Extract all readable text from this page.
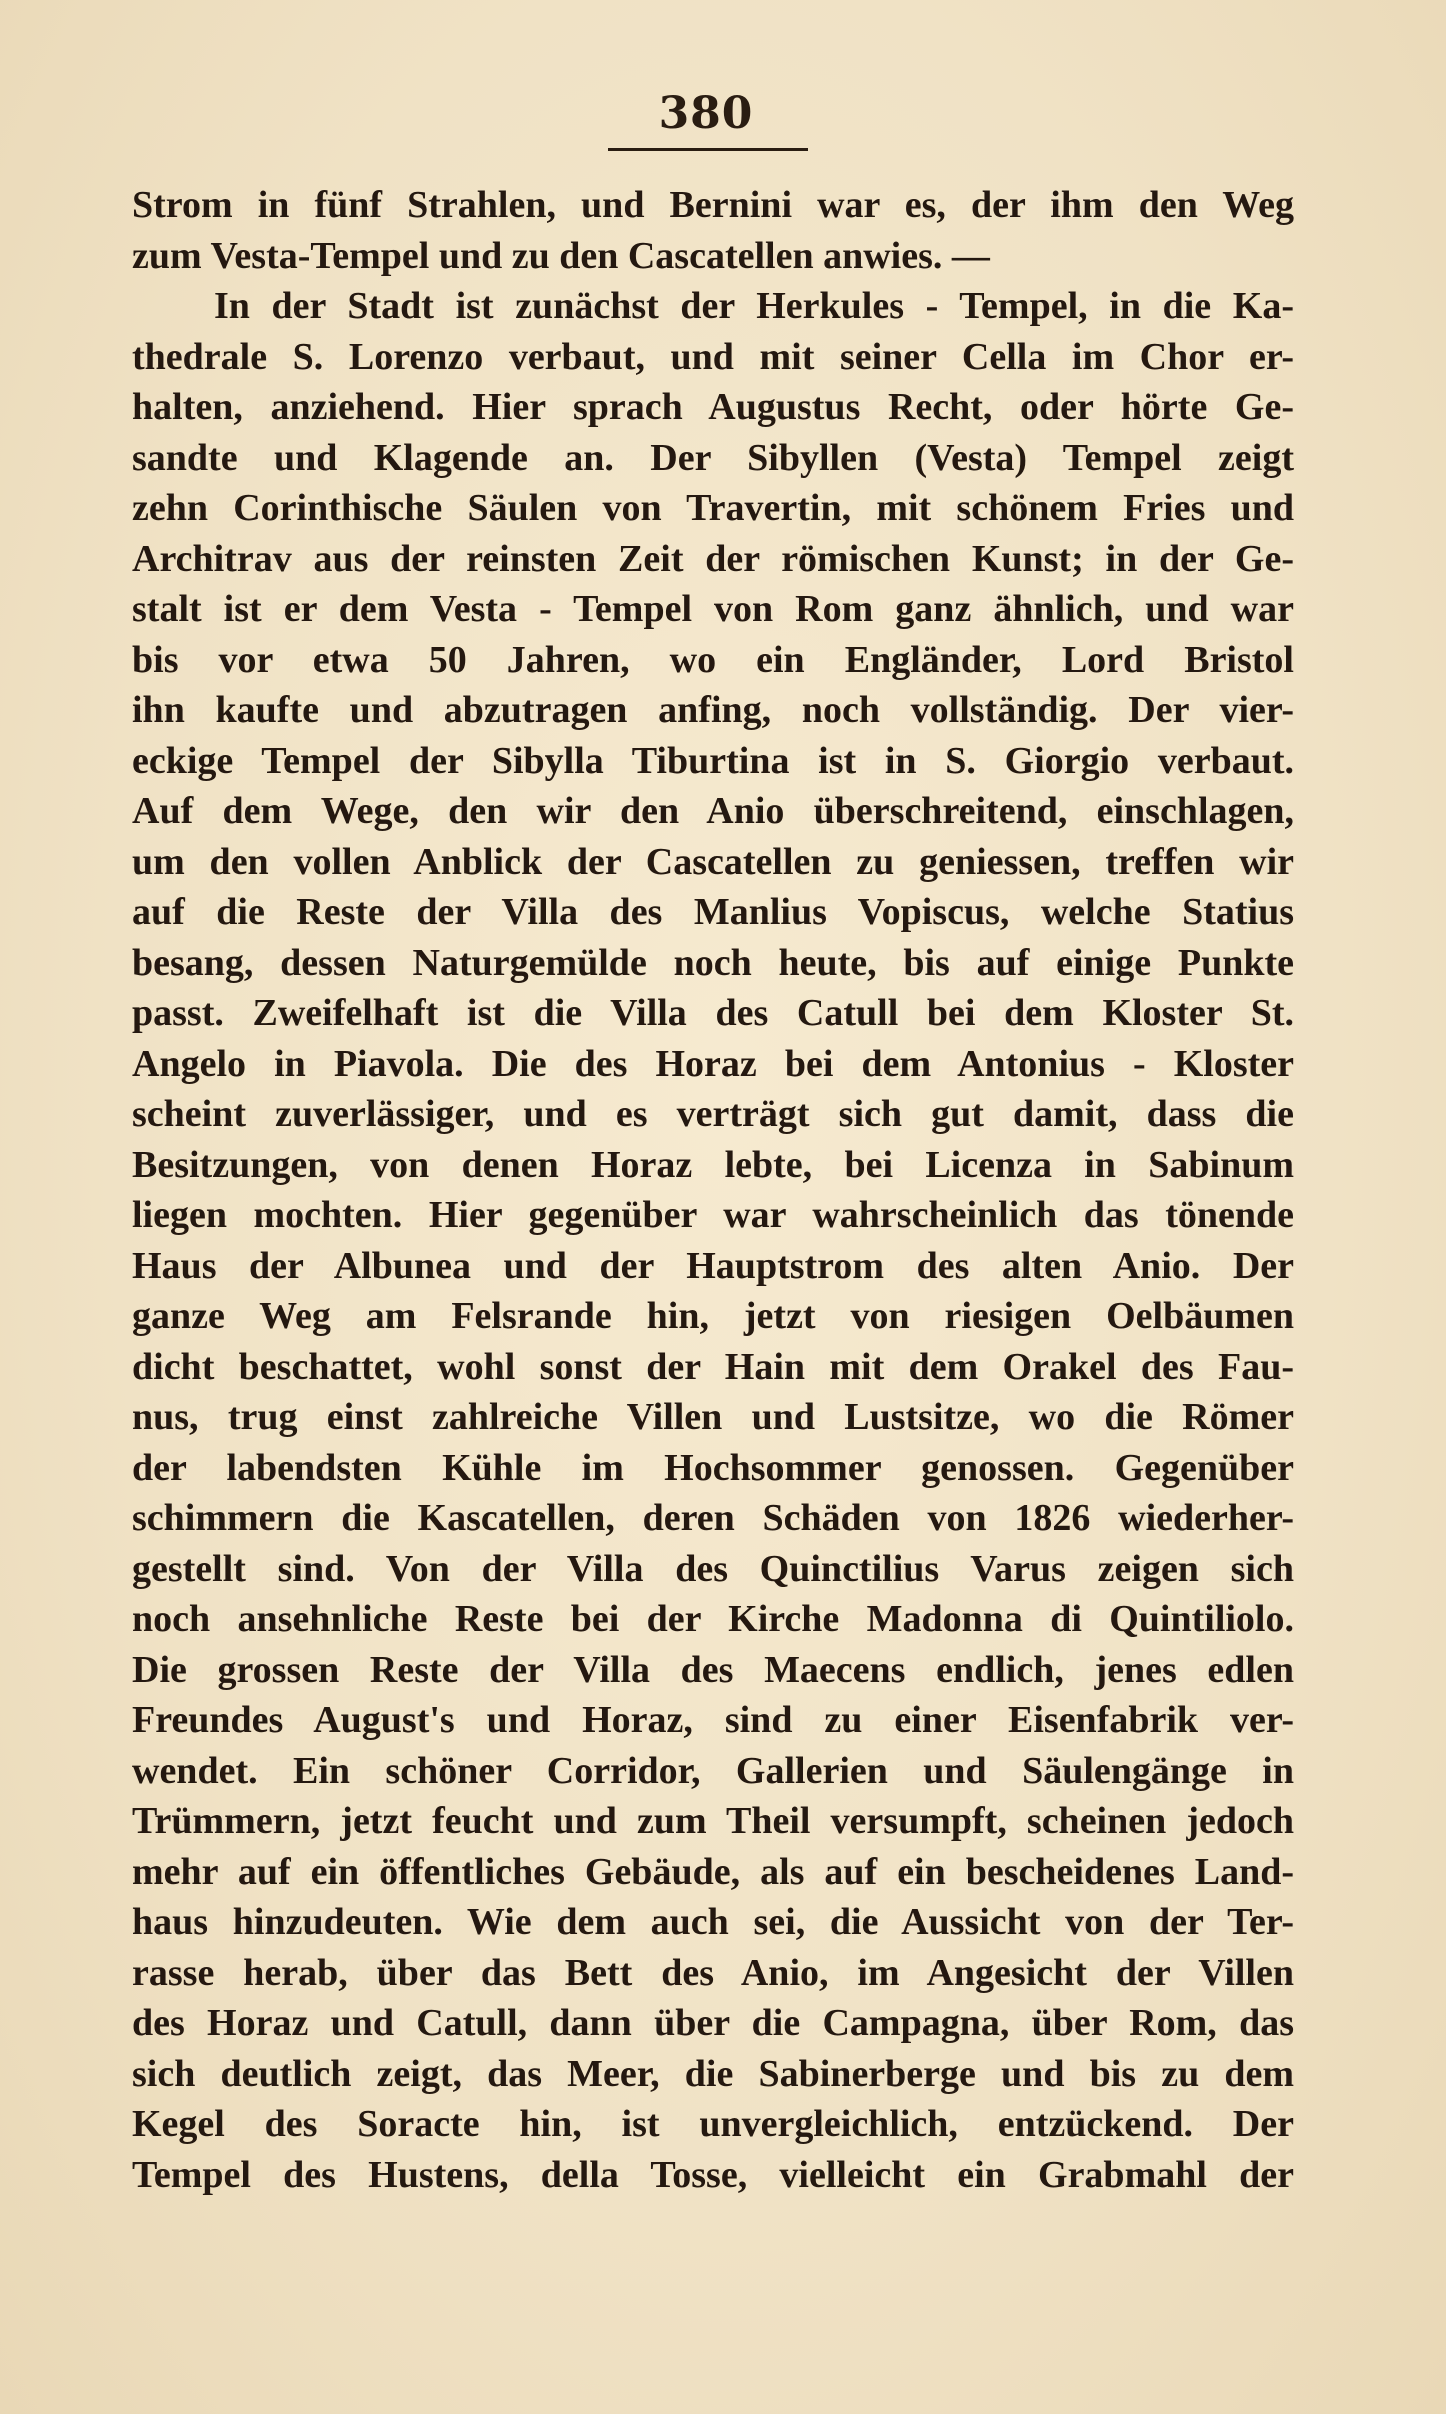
380
Strom in fünf Strahlen, und Bernini war es, der ihm den Weg
zum Vesta-Tempel und zu den Cascatellen anwies. —
In der Stadt ist zunächst der Herkules - Tempel, in die Ka-
thedrale S. Lorenzo verbaut, und mit seiner Cella im Chor er-
halten, anziehend. Hier sprach Augustus Recht, oder hörte Ge-
sandte und Klagende an. Der Sibyllen (Vesta) Tempel zeigt
zehn Corinthische Säulen von Travertin, mit schönem Fries und
Architrav aus der reinsten Zeit der römischen Kunst; in der Ge-
stalt ist er dem Vesta - Tempel von Rom ganz ähnlich, und war
bis vor etwa 50 Jahren, wo ein Engländer, Lord Bristol
ihn kaufte und abzutragen anfing, noch vollständig. Der vier-
eckige Tempel der Sibylla Tiburtina ist in S. Giorgio verbaut.
Auf dem Wege, den wir den Anio überschreitend, einschlagen,
um den vollen Anblick der Cascatellen zu geniessen, treffen wir
auf die Reste der Villa des Manlius Vopiscus, welche Statius
besang, dessen Naturgemülde noch heute, bis auf einige Punkte
passt. Zweifelhaft ist die Villa des Catull bei dem Kloster St.
Angelo in Piavola. Die des Horaz bei dem Antonius - Kloster
scheint zuverlässiger, und es verträgt sich gut damit, dass die
Besitzungen, von denen Horaz lebte, bei Licenza in Sabinum
liegen mochten. Hier gegenüber war wahrscheinlich das tönende
Haus der Albunea und der Hauptstrom des alten Anio. Der
ganze Weg am Felsrande hin, jetzt von riesigen Oelbäumen
dicht beschattet, wohl sonst der Hain mit dem Orakel des Fau-
nus, trug einst zahlreiche Villen und Lustsitze, wo die Römer
der labendsten Kühle im Hochsommer genossen. Gegenüber
schimmern die Kascatellen, deren Schäden von 1826 wiederher-
gestellt sind. Von der Villa des Quinctilius Varus zeigen sich
noch ansehnliche Reste bei der Kirche Madonna di Quintiliolo.
Die grossen Reste der Villa des Maecens endlich, jenes edlen
Freundes August's und Horaz, sind zu einer Eisenfabrik ver-
wendet. Ein schöner Corridor, Gallerien und Säulengänge in
Trümmern, jetzt feucht und zum Theil versumpft, scheinen jedoch
mehr auf ein öffentliches Gebäude, als auf ein bescheidenes Land-
haus hinzudeuten. Wie dem auch sei, die Aussicht von der Ter-
rasse herab, über das Bett des Anio, im Angesicht der Villen
des Horaz und Catull, dann über die Campagna, über Rom, das
sich deutlich zeigt, das Meer, die Sabinerberge und bis zu dem
Kegel des Soracte hin, ist unvergleichlich, entzückend. Der
Tempel des Hustens, della Tosse, vielleicht ein Grabmahl der
